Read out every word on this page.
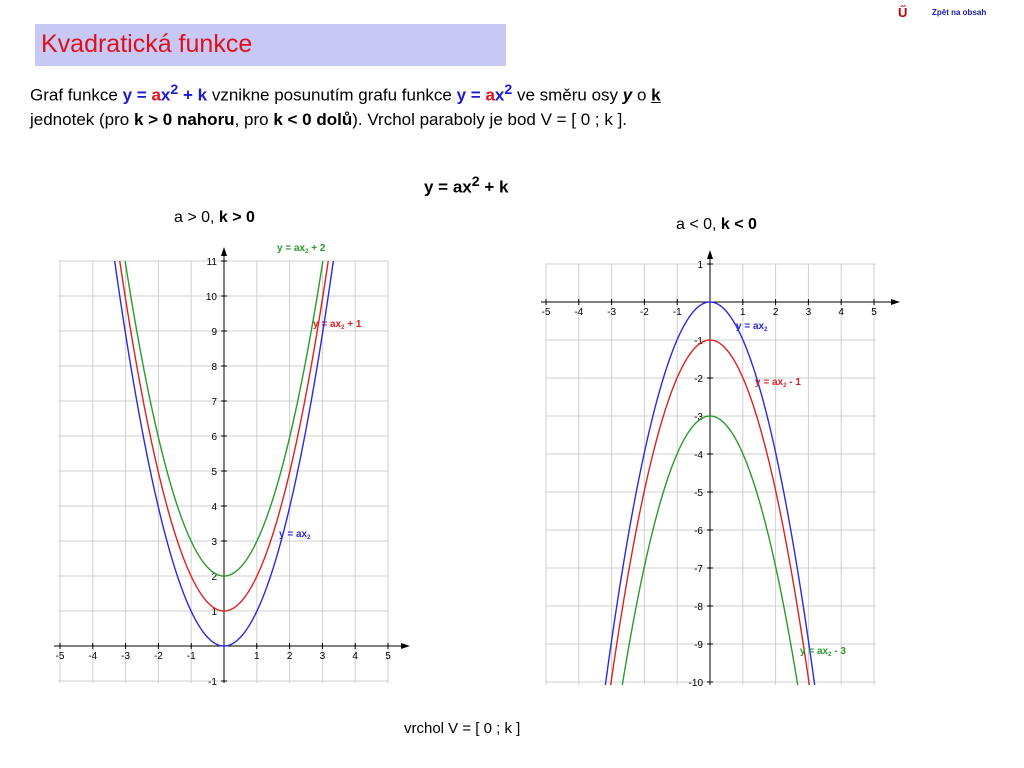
Ű	Zpět na obsah
Kvadratická funkce
Graf funkce $y = ax^2 + k$ vznikne posunutím grafu funkce $y = ax^2$ ve směru osy y o k jednotek (pro k > 0 nahoru, pro k < 0 dolů). Vrchol paraboly je bod V = [ 0 ; k ].
$y = ax^2 + k$
a > 0, k > 0	a < 0, k < 0
-5 -4 -3 -2 -1	1	2	3	4	5
11
10
9
8
7
6
5
4
3
2
1
-1
$y = ax_2 + 2$
$y = ax_2 + 1$
$y = ax_2$
-5 -4 -3 -2 -1	1	2	3	4	5
1
-1
-2
-3
-4
-5
-6
-7
-8
-9
-10
$y = ax_2$
$y = ax_2 - 1$
$y = ax_2 - 3$
vrchol V = [ 0 ; k ]
